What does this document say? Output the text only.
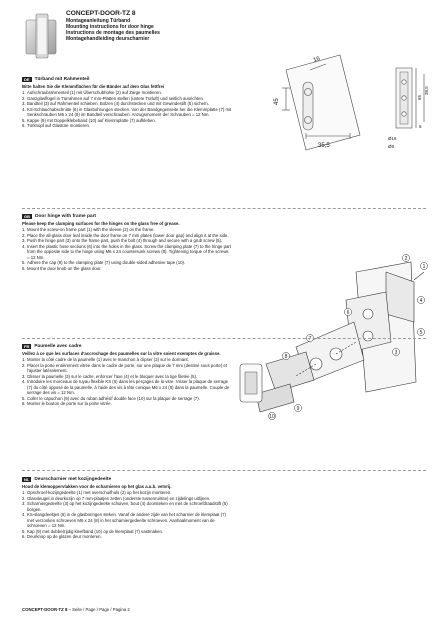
CONCEPT-DOOR-TZ 8
Montageanleitung Türband
Mounting instructions for door hinge
Instructions de montage des paumelles
Montagehandleiding deurscharnier
16
45
35,5
38,5
65
6
Ø16
Ø8
DE	Türband mit Rahmenteil
Bitte halten Sie die Klemmflächen für die Bänder auf dem Glas fettfrei
1. Aufschraubrahmenteil (1) mit Überschubhülse (2) auf Zarge montieren.
2. Ganzglasflügel in Türrahmen auf 7 mm-Platten stellen (untere Türluft) und seitlich ausrichten.
3. Bandteil (3) auf Rahmenteil schieben, Bolzen (4) durchstecken und mit Gewindestift (5) sichern.
4. KS-Schlauchabschnitte (6) in Glasbohrungen stecken. Von der Bandgegenseite her die Klemmplatte (7) mit Senkschrauben M6 x 24 (8) im Bandteil verschrauben. Anzugsmoment der Schrauben = 12 Nm.
5. Kappe (9) mit Doppelklebeband (10) auf Klemmplatte (7) aufkleben.
6. Türknopf auf Glastüre montieren.
GB	Door hinge with frame part
Please keep the clamping surfaces for the hinges on the glass free of grease.
1. Mount the screw-on frame part (1) with the sleeve (2) on the frame.
2. Place the all-glass door leaf inside the door frame on 7 mm plates (lower door gap) and align it at the side.
3. Push the hinge part (3) onto the frame part, push the bolt (4) through and secure with a grub screw (5).
4. Insert the plastic hose sections (6) into the holes in the glass. Screw the clamping plate (7) to the hinge part from the opposite side to the hinge using M6 x 24 countersunk screws (8). Tightening torque of the screws = 12 Nm.
5. Adhere the cap (9) to the clamping plate (7) using double-sided adhesive tape (10).
6. Mount the door knob on the glass door.	1
2
3
4
5
6
7
8
9
10
FR	Paumelle avec cadre
Veillez à ce que les surfaces d'accrochage des paumelles sur la vitre soient exemptes de graisse.
1. Monter la côté cadre de la paumelle (1) avec le manchon à clipser (2) sur le dormant.
2. Placer la porte entièrement vitrée dans le cadre de porte, sur une plaque de 7 mm (destiné sous porte) et l'ajuster latéralement.
3. Glisser la paumelle (3) sur le cadre, enfoncer l'axe (4) et le bloquer avec la tige filetée (5).
4. Introduire les morceaux de tuyau flexible KS (6) dans les perçages de la vitre. Visser la plaque de serrage (7) du côté opposé de la paumelle, à l'aide des vis à tête conique M6 x 24 (8) dans la paumelle. Couple de serrage des vis = 12 Nm.
5. Coller le capuchon (9) avec du ruban adhésif double face (10) sur la plaque de serrage (7).
6. Monter le bouton de porte sur la porte vitrée.
NL	Deurscharnier met kozijngedeelte
Houd de klemoppervlakken voor de scharnieren op het glas a.u.b. vetvrij.
1. Opschroef-kozijngedeelte (1) met overschuifhuls (2) op het kozijn monteren.
2. Glasvleugel in deurkozijn op 7 mm-plaatjes zetten (onderste tussenruimte) en zijdelings uitlijnen.
3. Scharniergedeelte (3) op het kozijngedeelte schuiven, bout (4) doorsteken en met de schroefdraadstift (5) borgen.
4. KS-slangdeeltjes (6) in de glasboringen steken. Vanaf de andere zijde van het scharnier de klemplaat (7) met verzonken schroeven M6 x 24 (8) in het scharniergedeelte schroeven. Aanhaalmoment van de schroeven = 12 Nm.
5. Kap (9) met dubbelzijdig kleefband (10) op de klemplaat (7) vastmaken.
6. Deurknop op de glazen deur monteren.
CONCEPT-DOOR-TZ 8 – Seite / Page / Page / Pagina 2
